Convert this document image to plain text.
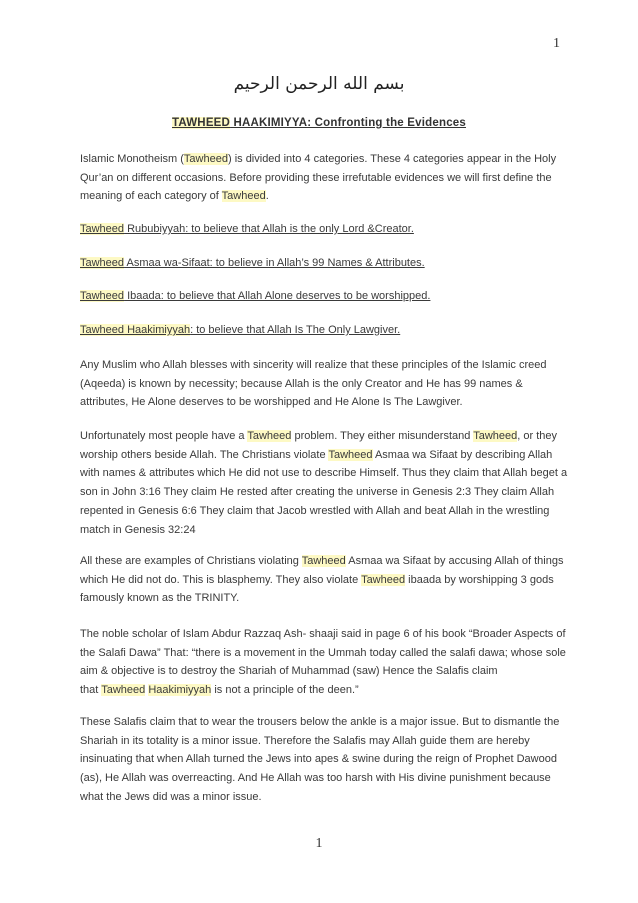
1
بسم الله الرحمن الرحيم
TAWHEED HAAKIMIYYA: Confronting the Evidences
Islamic Monotheism (Tawheed) is divided into 4 categories. These 4 categories appear in the Holy Qur’an on different occasions. Before providing these irrefutable evidences we will first define the meaning of each category of Tawheed.
Tawheed Rububiyyah: to believe that Allah is the only Lord &Creator.
Tawheed Asmaa wa-Sifaat: to believe in Allah’s 99 Names & Attributes.
Tawheed Ibaada: to believe that Allah Alone deserves to be worshipped.
Tawheed Haakimiyyah: to believe that Allah Is The Only Lawgiver.
Any Muslim who Allah blesses with sincerity will realize that these principles of the Islamic creed (Aqeeda) is known by necessity; because Allah is the only Creator and He has 99 names & attributes, He Alone deserves to be worshipped and He Alone Is The Lawgiver.
Unfortunately most people have a Tawheed problem. They either misunderstand Tawheed, or they worship others beside Allah. The Christians violate Tawheed Asmaa wa Sifaat by describing Allah with names & attributes which He did not use to describe Himself. Thus they claim that Allah beget a son in John 3:16 They claim He rested after creating the universe in Genesis 2:3 They claim Allah repented in Genesis 6:6 They claim that Jacob wrestled with Allah and beat Allah in the wrestling match in Genesis 32:24
All these are examples of Christians violating Tawheed Asmaa wa Sifaat by accusing Allah of things which He did not do. This is blasphemy. They also violate Tawheed ibaada by worshipping 3 gods famously known as the TRINITY.
The noble scholar of Islam Abdur Razzaq Ash- shaaji said in page 6 of his book “Broader Aspects of the Salafi Dawa” That: “there is a movement in the Ummah today called the salafi dawa; whose sole aim & objective is to destroy the Shariah of Muhammad (saw) Hence the Salafis claim
that Tawheed Haakimiyyah is not a principle of the deen.”
These Salafis claim that to wear the trousers below the ankle is a major issue. But to dismantle the Shariah in its totality is a minor issue. Therefore the Salafis may Allah guide them are hereby insinuating that when Allah turned the Jews into apes & swine during the reign of Prophet Dawood (as), He Allah was overreacting. And He Allah was too harsh with His divine punishment because what the Jews did was a minor issue.
1
